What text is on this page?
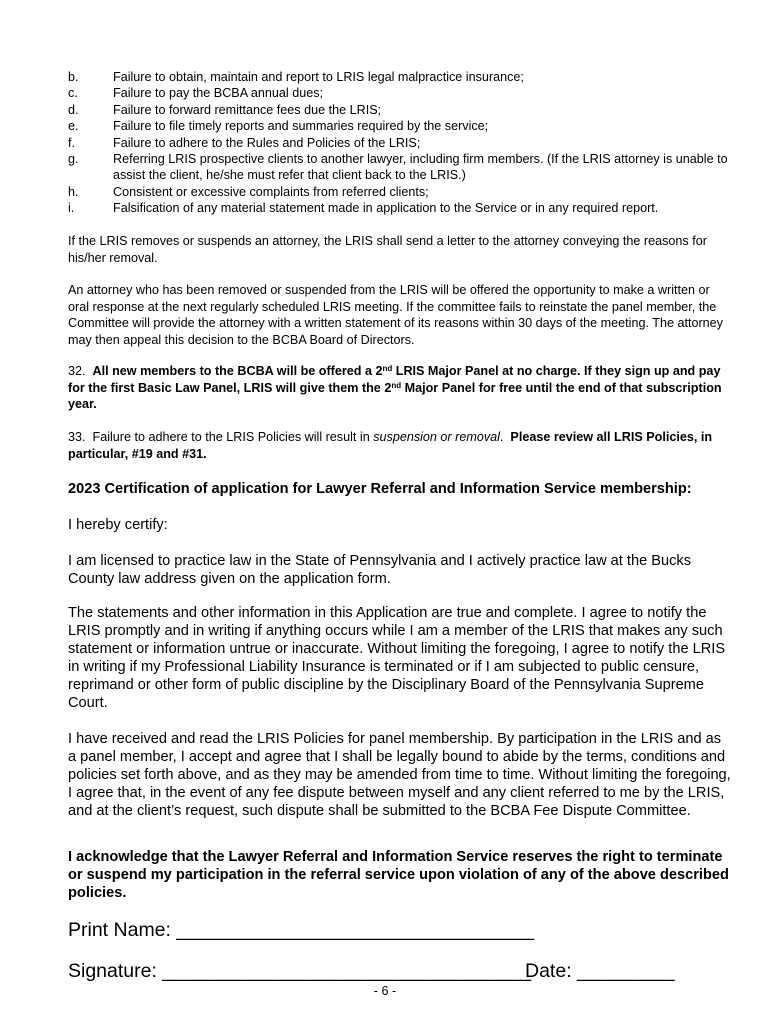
b.	Failure to obtain, maintain and report to LRIS legal malpractice insurance;
c.	Failure to pay the BCBA annual dues;
d.	Failure to forward remittance fees due the LRIS;
e.	Failure to file timely reports and summaries required by the service;
f.	Failure to adhere to the Rules and Policies of the LRIS;
g.	Referring LRIS prospective clients to another lawyer, including firm members. (If the LRIS attorney is unable to assist the client, he/she must refer that client back to the LRIS.)
h.	Consistent or excessive complaints from referred clients;
i.	Falsification of any material statement made in application to the Service or in any required report.
If the LRIS removes or suspends an attorney, the LRIS shall send a letter to the attorney conveying the reasons for his/her removal.
An attorney who has been removed or suspended from the LRIS will be offered the opportunity to make a written or oral response at the next regularly scheduled LRIS meeting. If the committee fails to reinstate the panel member, the Committee will provide the attorney with a written statement of its reasons within 30 days of the meeting. The attorney may then appeal this decision to the BCBA Board of Directors.
32. All new members to the BCBA will be offered a 2nd LRIS Major Panel at no charge. If they sign up and pay for the first Basic Law Panel, LRIS will give them the 2nd Major Panel for free until the end of that subscription year.
33. Failure to adhere to the LRIS Policies will result in suspension or removal.  Please review all LRIS Policies, in particular, #19 and #31.
2023 Certification of application for Lawyer Referral and Information Service membership:
I hereby certify:
I am licensed to practice law in the State of Pennsylvania and I actively practice law at the Bucks County law address given on the application form.
The statements and other information in this Application are true and complete. I agree to notify the LRIS promptly and in writing if anything occurs while I am a member of the LRIS that makes any such statement or information untrue or inaccurate. Without limiting the foregoing, I agree to notify the LRIS in writing if my Professional Liability Insurance is terminated or if I am subjected to public censure, reprimand or other form of public discipline by the Disciplinary Board of the Pennsylvania Supreme Court.
I have received and read the LRIS Policies for panel membership. By participation in the LRIS and as a panel member, I accept and agree that I shall be legally bound to abide by the terms, conditions and policies set forth above, and as they may be amended from time to time. Without limiting the foregoing, I agree that, in the event of any fee dispute between myself and any client referred to me by the LRIS, and at the client’s request, such dispute shall be submitted to the BCBA Fee Dispute Committee.
I acknowledge that the Lawyer Referral and Information Service reserves the right to terminate or suspend my participation in the referral service upon violation of any of the above described policies.
Print Name: _________________________________
Signature: __________________________________
Date: _________
- 6 -
